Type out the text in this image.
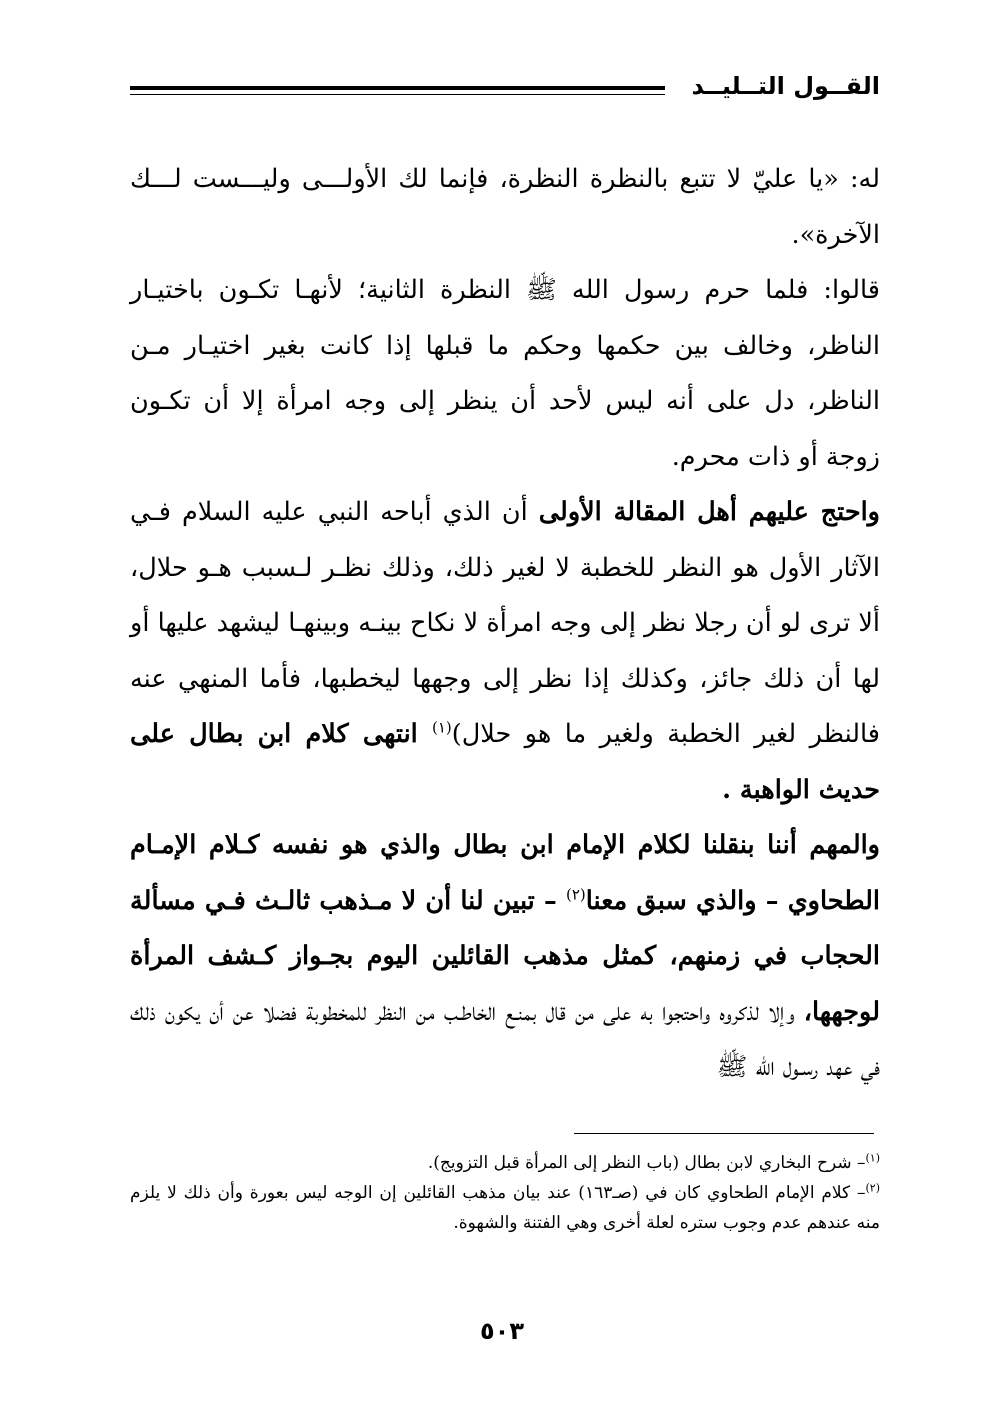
القــول التــليــد

له: «يا عليّ لا تتبع بالنظرة النظرة، فإنما لك الأولـــى وليـــست لـــك الآخرة».

قالوا: فلما حرم رسول الله ﷺ النظرة الثانية؛ لأنهـا تكـون باختيـار الناظر، وخالف بين حكمها وحكم ما قبلها إذا كانت بغير اختيـار مـن الناظر، دل على أنه ليس لأحد أن ينظر إلى وجه امرأة إلا أن تكـون زوجة أو ذات محرم.

واحتج عليهم أهل المقالة الأولى أن الذي أباحه النبي عليه السلام فـي الآثار الأول هو النظر للخطبة لا لغير ذلك، وذلك نظـر لـسبب هـو حلال، ألا ترى لو أن رجلا نظر إلى وجه امرأة لا نكاح بينـه وبينهـا ليشهد عليها أو لها أن ذلك جائز، وكذلك إذا نظر إلى وجهها ليخطبها، فأما المنهي عنه فالنظر لغير الخطبة ولغير ما هو حلال)$^{(١)}$ انتهى كلام ابن بطال على حديث الواهبة .

والمهم أننا بنقلنا لكلام الإمام ابن بطال والذي هو نفسه كـلام الإمـام الطحاوي – والذي سبق معنا$^{(٢)}$ – تبين لنا أن لا مـذهب ثالـث فـي مسألة الحجاب في زمنهم، كمثل مذهب القائلين اليوم بجـواز كـشف المرأة لوجهها، وإلا لذكروه واحتجوا به على من قال بمنـع الخاطـب من النظر للمخطوبة فضلا عن أن يكون ذلك في عهد رسـول الله ﷺ

$^{(١)}$– شرح البخاري لابن بطال (باب النظر إلى المرأة قبل التزويج).

$^{(٢)}$– كلام الإمام الطحاوي كان في (صـ١٦٣) عند بيان مذهب القائلين إن الوجه ليس بعورة وأن ذلك لا يلزم منه عندهم عدم وجوب ستره لعلة أخرى وهي الفتنة والشهوة.

٥٠٣
